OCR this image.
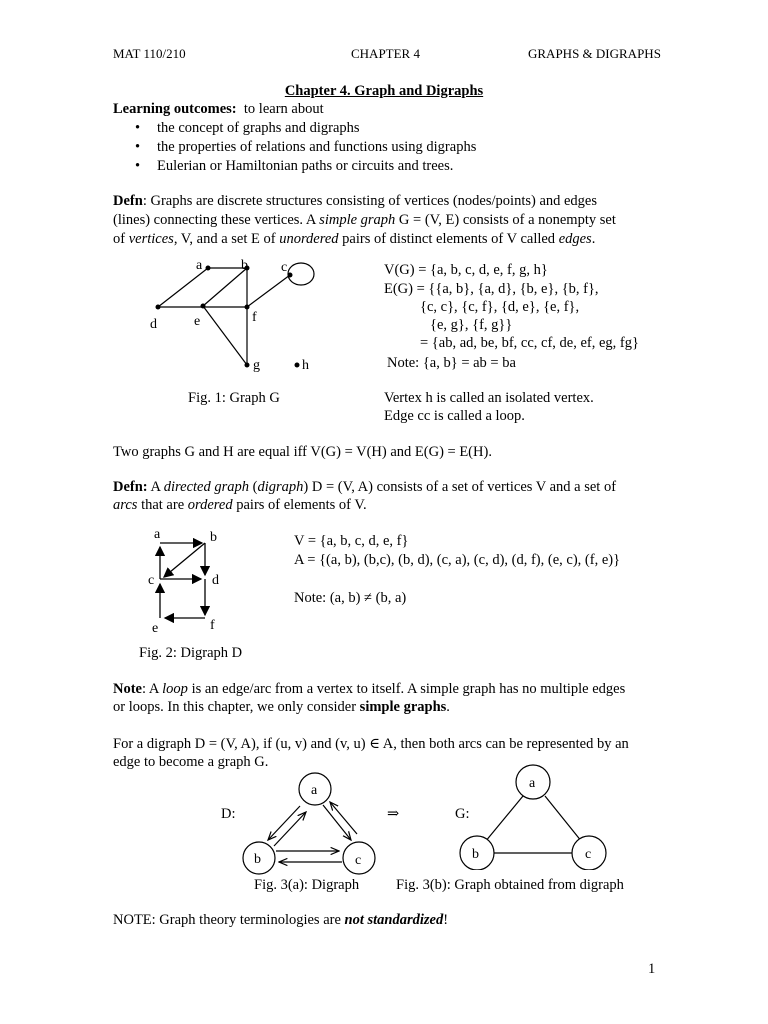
MAT 110/210	CHAPTER 4	GRAPHS & DIGRAPHS
Chapter 4. Graph and Digraphs
Learning outcomes: to learn about
• the concept of graphs and digraphs
• the properties of relations and functions using digraphs
• Eulerian or Hamiltonian paths or circuits and trees.
Defn: Graphs are discrete structures consisting of vertices (nodes/points) and edges
(lines) connecting these vertices. A simple graph G = (V, E) consists of a nonempty set
of vertices, V, and a set E of unordered pairs of distinct elements of V called edges.
a	b c
d	e	f
g	h
V(G) = {a, b, c, d, e, f, g, h}
E(G) = {{a, b}, {a, d}, {b, e}, {b, f},
{c, c}, {c, f}, {d, e}, {e, f},
{e, g}, {f, g}}
= {ab, ad, be, bf, cc, cf, de, ef, eg, fg}
Note: {a, b} = ab = ba
Fig. 1: Graph G	Vertex h is called an isolated vertex.
Edge cc is called a loop.
Two graphs G and H are equal iff V(G) = V(H) and E(G) = E(H).
Defn: A directed graph (digraph) D = (V, A) consists of a set of vertices V and a set of
arcs that are ordered pairs of elements of V.
a	b
c	d
e	f
V = {a, b, c, d, e, f}
A = {(a, b), (b,c), (b, d), (c, a), (c, d), (d, f), (e, c), (f, e)}
Note: (a, b) ≠ (b, a)
Fig. 2: Digraph D
Note: A loop is an edge/arc from a vertex to itself. A simple graph has no multiple edges
or loops. In this chapter, we only consider simple graphs.
For a digraph D = (V, A), if (u, v) and (v, u) ∈ A, then both arcs can be represented by an
edge to become a graph G.
D:	⇒	G:
a
b	c
a
b	c
Fig. 3(a): Digraph	Fig. 3(b): Graph obtained from digraph
NOTE: Graph theory terminologies are not standardized!
1
